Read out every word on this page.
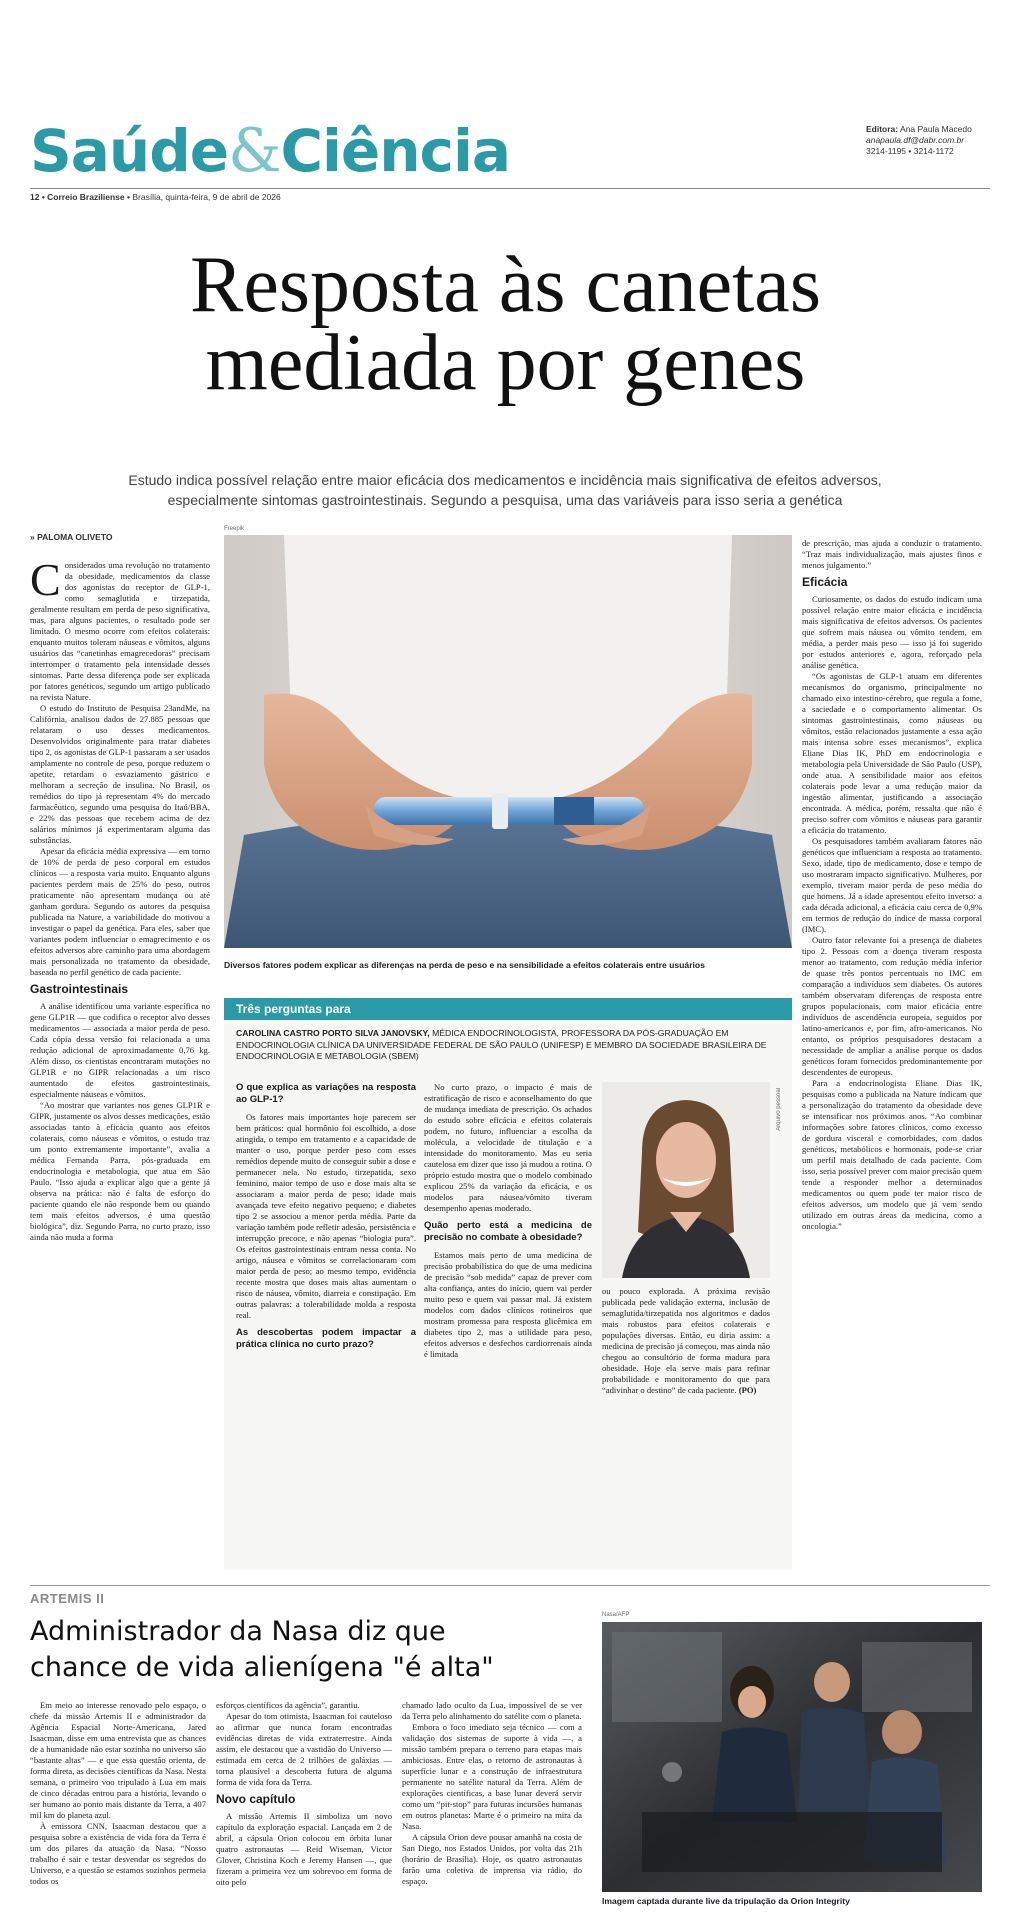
Saúde&Ciência	Editora: Ana Paula Macedo
anapaula.df@dabr.com.br
3214-1195 • 3214-1172
12 • Correio Braziliense • Brasília, quinta-feira, 9 de abril de 2026
Resposta às canetas
mediada por genes
Estudo indica possível relação entre maior eficácia dos medicamentos e incidência mais significativa de efeitos adversos,
especialmente sintomas gastrointestinais. Segundo a pesquisa, uma das variáveis para isso seria a genética
» PALOMA OLIVETO
Freepik
Diversos fatores podem explicar as diferenças na perda de peso e na sensibilidade a efeitos colaterais entre usuários

Considerados uma revolução no tratamento da obesidade, medicamentos da classe dos agonistas do receptor de GLP-1, como semaglutida e tirzepatida, geralmente resultam em perda de peso significativa, mas, para alguns pacientes, o resultado pode ser limitado. O mesmo ocorre com efeitos colaterais: enquanto muitos toleram náuseas e vômitos, alguns usuários das “canetinhas emagrecedoras” precisam interromper o tratamento pela intensidade desses sintomas. Parte dessa diferença pode ser explicada por fatores genéticos, segundo um artigo publicado na revista Nature.

O estudo do Instituto de Pesquisa 23andMe, na Califórnia, analisou dados de 27.885 pessoas que relataram o uso desses medicamentos. Desenvolvidos originalmente para tratar diabetes tipo 2, os agonistas de GLP-1 passaram a ser usados amplamente no controle de peso, porque reduzem o apetite, retardam o esvaziamento gástrico e melhoram a secreção de insulina. No Brasil, os remédios do tipo já representam 4% do mercado farmacêutico, segundo uma pesquisa do Itaú/BBA, e 22% das pessoas que recebem acima de dez salários mínimos já experimentaram alguma das substâncias.

Apesar da eficácia média expressiva — em torno de 10% de perda de peso corporal em estudos clínicos — a resposta varia muito. Enquanto alguns pacientes perdem mais de 25% do peso, outros praticamente não apresentam mudança ou até ganham gordura. Segundo os autores da pesquisa publicada na Nature, a variabilidade do motivou a investigar o papel da genética. Para eles, saber que variantes podem influenciar o emagrecimento e os efeitos adversos abre caminho para uma abordagem mais personalizada no tratamento da obesidade, baseada no perfil genético de cada paciente.

Gastrointestinais

A análise identificou uma variante específica no gene GLP1R — que codifica o receptor alvo desses medicamentos — associada a maior perda de peso. Cada cópia dessa versão foi relacionada a uma redução adicional de aproximadamente 0,76 kg. Além disso, os cientistas encontraram mutações no GLP1R e no GIPR relacionadas a um risco aumentado de efeitos gastrointestinais, especialmente náuseas e vômitos.

“Ao mostrar que variantes nos genes GLP1R e GIPR, justamente os alvos desses medicações, estão associadas tanto à eficácia quanto aos efeitos colaterais, como náuseas e vômitos, o estudo traz um ponto extremamente importante”, avalia a médica Fernanda Parra, pós-graduada em endocrinologia e metabologia, que atua em São Paulo. “Isso ajuda a explicar algo que a gente já observa na prática: não é falta de esforço do paciente quando ele não responde bem ou quando tem mais efeitos adversos, é uma questão biológica”, diz. Segundo Parra, no curto prazo, isso ainda não muda a forma

de prescrição, mas ajuda a conduzir o tratamento. “Traz mais individualização, mais ajustes finos e menos julgamento.”

Eficácia

Curiosamente, os dados do estudo indicam uma possível relação entre maior eficácia e incidência mais significativa de efeitos adversos. Os pacientes que sofrem mais náusea ou vômito tendem, em média, a perder mais peso — isso já foi sugerido por estudos anteriores e, agora, reforçado pela análise genética.

“Os agonistas de GLP-1 atuam em diferentes mecanismos do organismo, principalmente no chamado eixo intestino-cérebro, que regula a fome, a saciedade e o comportamento alimentar. Os sintomas gastrointestinais, como náuseas ou vômitos, estão relacionados justamente a essa ação mais intensa sobre esses mecanismos”, explica Eliane Dias IK, PhD em endocrinologia e metabologia pela Universidade de São Paulo (USP), onde atua. A sensibilidade maior aos efeitos colaterais pode levar a uma redução maior da ingestão alimentar, justificando a associação encontrada. A médica, porém, ressalta que não é preciso sofrer com vômitos e náuseas para garantir a eficácia do tratamento.

Os pesquisadores também avaliaram fatores não genéticos que influenciam a resposta ao tratamento. Sexo, idade, tipo de medicamento, dose e tempo de uso mostraram impacto significativo. Mulheres, por exemplo, tiveram maior perda de peso média do que homens. Já a idade apresentou efeito inverso: a cada década adicional, a eficácia caiu cerca de 0,9% em termos de redução do índice de massa corporal (IMC).

Outro fator relevante foi a presença de diabetes tipo 2. Pessoas com a doença tiveram resposta menor ao tratamento, com redução média inferior de quase três pontos percentuais no IMC em comparação a indivíduos sem diabetes. Os autores também observaram diferenças de resposta entre grupos populacionais, com maior eficácia entre indivíduos de ascendência europeia, seguidos por latino-americanos e, por fim, afro-americanos. No entanto, os próprios pesquisadores destacam a necessidade de ampliar a análise porque os dados genéticos foram fornecidos predominantemente por descendentes de europeus.

Para a endocrinologista Eliane Dias IK, pesquisas como a publicada na Nature indicam que a personalização do tratamento da obesidade deve se intensificar nos próximos anos. “Ao combinar informações sobre fatores clínicos, como excesso de gordura visceral e comorbidades, com dados genéticos, metabólicos e hormonais, pode-se criar um perfil mais detalhado de cada paciente. Com isso, seria possível prever com maior precisão quem tende a responder melhor a determinados medicamentos ou quem pode ter maior risco de efeitos adversos, um modelo que já vem sendo utilizado em outras áreas da medicina, como a oncologia.”

Três perguntas para
CAROLINA CASTRO PORTO SILVA JANOVSKY, MÉDICA ENDOCRINOLOGISTA, PROFESSORA DA PÓS-GRADUAÇÃO EM ENDOCRINOLOGIA CLÍNICA DA UNIVERSIDADE FEDERAL DE SÃO PAULO (UNIFESP) E MEMBRO DA SOCIEDADE BRASILEIRA DE ENDOCRINOLOGIA E METABOLOGIA (SBEM)
O que explica as variações na resposta ao GLP-1?

Os fatores mais importantes hoje parecem ser bem práticos: qual hormônio foi escolhido, a dose atingida, o tempo em tratamento e a capacidade de manter o uso, porque perder peso com esses remédios depende muito de conseguir subir a dose e permanecer nela. No estudo, tirzepatida, sexo feminino, maior tempo de uso e dose mais alta se associaram a maior perda de peso; idade mais avançada teve efeito negativo pequeno; e diabetes tipo 2 se associou a menor perda média. Parte da variação também pode refletir adesão, persistência e interrupção precoce, e não apenas “biologia pura”. Os efeitos gastrointestinais entram nessa conta. No artigo, náusea e vômitos se correlacionaram com maior perda de peso; ao mesmo tempo, evidência recente mostra que doses mais altas aumentam o risco de náusea, vômito, diarreia e constipação. Em outras palavras: a tolerabilidade molda a resposta real.

As descobertas podem impactar a prática clínica no curto prazo?

No curto prazo, o impacto é mais de estratificação de risco e aconselhamento do que de mudança imediata de prescrição. Os achados do estudo sobre eficácia e efeitos colaterais podem, no futuro, influenciar a escolha da molécula, a velocidade de titulação e a intensidade do monitoramento. Mas eu seria cautelosa em dizer que isso já mudou a rotina. O próprio estudo mostra que o modelo combinado explicou 25% da variação da eficácia, e os modelos para náusea/vômito tiveram desempenho apenas moderado.

Quão perto está a medicina de precisão no combate à obesidade?

Estamos mais perto de uma medicina de precisão probabilística do que de uma medicina de precisão “sob medida” capaz de prever com alta confiança, antes do início, quem vai perder muito peso e quem vai passar mal. Já existem modelos com dados clínicos rotineiros que mostram promessa para resposta glicêmica em diabetes tipo 2, mas a utilidade para peso, efeitos adversos e desfechos cardiorrenais ainda é limitada

Arquivo pessoal

ou pouco explorada. A próxima revisão publicada pede validação externa, inclusão de semaglutida/tirzepatida nos algoritmos e dados mais robustos para efeitos colaterais e populações diversas. Então, eu diria assim: a medicina de precisão já começou, mas ainda não chegou ao consultório de forma madura para obesidade. Hoje ela serve mais para refinar probabilidade e monitoramento do que para “adivinhar o destino” de cada paciente. (PO)

ARTEMIS II
Administrador da Nasa diz que
chance de vida alienígena "é alta"

Em meio ao interesse renovado pelo espaço, o chefe da missão Artemis II e administrador da Agência Espacial Norte-Americana, Jared Isaacman, disse em uma entrevista que as chances de a humanidade não estar sozinha no universo são “bastante altas” — e que essa questão orienta, de forma direta, as decisões científicas da Nasa. Nesta semana, o primeiro voo tripulado à Lua em mais de cinco décadas entrou para a história, levando o ser humano ao ponto mais distante da Terra, a 407 mil km do planeta azul.

À emissora CNN, Isaacman destacou que a pesquisa sobre a existência de vida fora da Terra é um dos pilares da atuação da Nasa. “Nosso trabalho é sair e testar desvendar os segredos do Universo, e a questão se estamos sozinhos permeia todos os

esforços científicos da agência”, garantiu.

Apesar do tom otimista, Isaacman foi cauteloso ao afirmar que nunca foram encontradas evidências diretas de vida extraterrestre. Ainda assim, ele destacou que a vastidão do Universo — estimada em cerca de 2 trilhões de galáxias — torna plausível a descoberta futura de alguma forma de vida fora da Terra.

Novo capítulo

A missão Artemis II simboliza um novo capítulo da exploração espacial. Lançada em 2 de abril, a cápsula Orion colocou em órbita lunar quatro astronautas — Reid Wiseman, Victor Glover, Christina Koch e Jeremy Hansen —, que fizeram a primeira vez um sobrevoo em forma de oito pelo

chamado lado oculto da Lua, impossível de se ver da Terra pelo alinhamento do satélite com o planeta.

Embora o foco imediato seja técnico — com a validação dos sistemas de suporte à vida —, a missão também prepara o terreno para etapas mais ambiciosas. Entre elas, o retorno de astronautas à superfície lunar e a construção de infraestrutura permanente no satélite natural da Terra. Além de explorações científicas, a base lunar deverá servir como um “pit-stop” para futuras incursões humanas em outros planetas: Marte é o primeiro na mira da Nasa.

A cápsula Orion deve pousar amanhã na costa de San Diego, nos Estados Unidos, por volta das 21h (horário de Brasília). Hoje, os quatro astronautas farão uma coletiva de imprensa via rádio, do espaço.

Nasa/AFP
Imagem captada durante live da tripulação da Orion Integrity
